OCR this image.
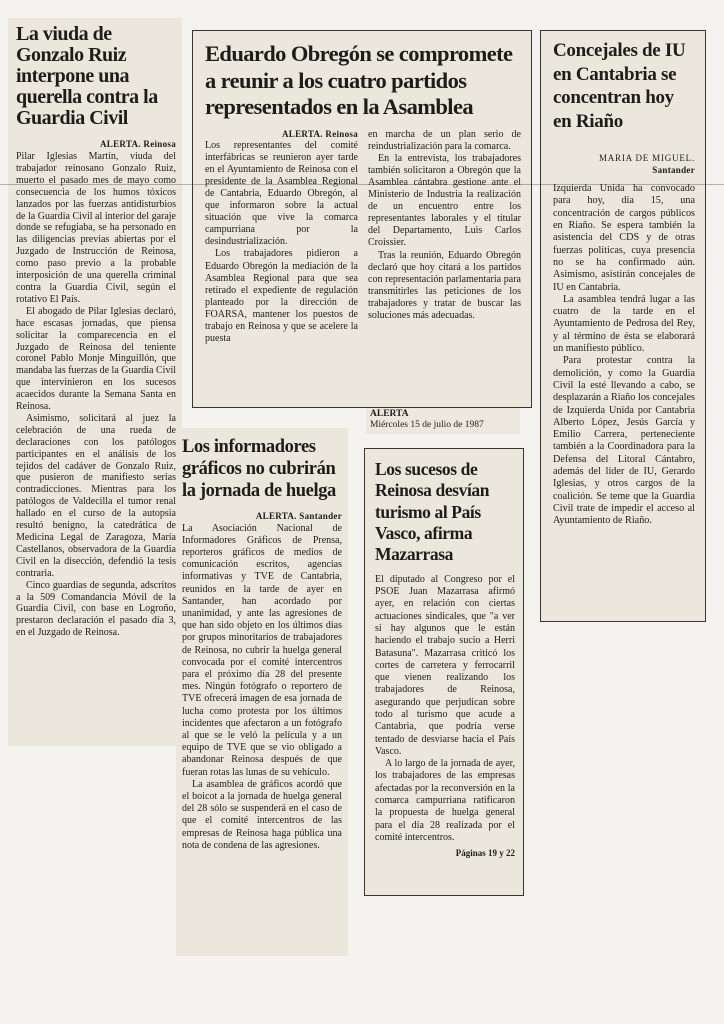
La viuda de Gonzalo Ruiz interpone una querella contra la Guardia Civil
ALERTA. Reinosa

Pilar Iglesias Martín, viuda del trabajador reinosano Gonzalo Ruiz, muerto el pasado mes de mayo como consecuencia de los humos tóxicos lanzados por las fuerzas antidisturbios de la Guardia Civil al interior del garaje donde se refugiaba, se ha personado en las diligencias previas abiertas por el Juzgado de Instrucción de Reinosa, como paso previo a la probable interposición de una querella criminal contra la Guardia Civil, según el rotativo El País.

El abogado de Pilar Iglesias declaró, hace escasas jornadas, que piensa solicitar la comparecencia en el Juzgado de Reinosa del teniente coronel Pablo Monje Minguillón, que mandaba las fuerzas de la Guardia Civil que intervinieron en los sucesos acaecidos durante la Semana Santa en Reinosa.

Asimismo, solicitará al juez la celebración de una rueda de declaraciones con los patólogos participantes en el análisis de los tejidos del cadáver de Gonzalo Ruiz, que pusieron de manifiesto serias contradicciones. Mientras para los patólogos de Valdecilla el tumor renal hallado en el curso de la autopsia resultó benigno, la catedrática de Medicina Legal de Zaragoza, María Castellanos, observadora de la Guardia Civil en la disección, defendió la tesis contraria.

Cinco guardias de segunda, adscritos a la 509 Comandancia Móvil de la Guardia Civil, con base en Logroño, prestaron declaración el pasado día 3, en el Juzgado de Reinosa.

Eduardo Obregón se compromete a reunir a los cuatro partidos representados en la Asamblea
ALERTA. Reinosa

Los representantes del comité interfábricas se reunieron ayer tarde en el Ayuntamiento de Reinosa con el presidente de la Asamblea Regional de Cantabria, Eduardo Obregón, al que informaron sobre la actual situación que vive la comarca campurriana por la desindustrialización.

Los trabajadores pidieron a Eduardo Obregón la mediación de la Asamblea Regional para que sea retirado el expediente de regulación planteado por la dirección de FOARSA, mantener los puestos de trabajo en Reinosa y que se acelere la puesta

en marcha de un plan serio de reindustrialización para la comarca.

En la entrevista, los trabajadores también solicitaron a Obregón que la Asamblea cántabra gestione ante el Ministerio de Industria la realización de un encuentro entre los representantes laborales y el titular del Departamento, Luis Carlos Croissier.

Tras la reunión, Eduardo Obregón declaró que hoy citará a los partidos con representación parlamentaria para transmitirles las peticiones de los trabajadores y tratar de buscar las soluciones más adecuadas.

ALERTA
Miércoles 15 de julio de 1987
Concejales de IU en Cantabria se concentran hoy en Riaño
MARIA DE MIGUEL.
Santander

Izquierda Unida ha convocado para hoy, día 15, una concentración de cargos públicos en Riaño. Se espera también la asistencia del CDS y de otras fuerzas políticas, cuya presencia no se ha confirmado aún. Asimismo, asistirán concejales de IU en Cantabria.

La asamblea tendrá lugar a las cuatro de la tarde en el Ayuntamiento de Pedrosa del Rey, y al término de ésta se elaborará un manifiesto público.

Para protestar contra la demolición, y como la Guardia Civil la esté llevando a cabo, se desplazarán a Riaño los concejales de Izquierda Unida por Cantabria Alberto López, Jesús García y Emilio Carrera, perteneciente también a la Coordinadora para la Defensa del Litoral Cántabro, además del líder de IU, Gerardo Iglesias, y otros cargos de la coalición. Se teme que la Guardia Civil trate de impedir el acceso al Ayuntamiento de Riaño.

Los informadores gráficos no cubrirán la jornada de huelga
ALERTA. Santander

La Asociación Nacional de Informadores Gráficos de Prensa, reporteros gráficos de medios de comunicación escritos, agencias informativas y TVE de Cantabria, reunidos en la tarde de ayer en Santander, han acordado por unanimidad, y ante las agresiones de que han sido objeto en los últimos días por grupos minoritarios de trabajadores de Reinosa, no cubrir la huelga general convocada por el comité intercentros para el próximo día 28 del presente mes. Ningún fotógrafo o reportero de TVE ofrecerá imagen de esa jornada de lucha como protesta por los últimos incidentes que afectaron a un fotógrafo al que se le veló la película y a un equipo de TVE que se vio obligado a abandonar Reinosa después de que fueran rotas las lunas de su vehículo.

La asamblea de gráficos acordó que el boicot a la jornada de huelga general del 28 sólo se suspenderá en el caso de que el comité intercentros de las empresas de Reinosa haga pública una nota de condena de las agresiones.

Los sucesos de Reinosa desvían turismo al País Vasco, afirma Mazarrasa

El diputado al Congreso por el PSOE Juan Mazarrasa afirmó ayer, en relación con ciertas actuaciones sindicales, que "a ver si hay algunos que le están haciendo el trabajo sucio a Herri Batasuna". Mazarrasa criticó los cortes de carretera y ferrocarril que vienen realizando los trabajadores de Reinosa, asegurando que perjudican sobre todo al turismo que acude a Cantabria, que podría verse tentado de desviarse hacia el País Vasco.

A lo largo de la jornada de ayer, los trabajadores de las empresas afectadas por la reconversión en la comarca campurriana ratificaron la propuesta de huelga general para el día 28 realizada por el comité intercentros.

Páginas 19 y 22
